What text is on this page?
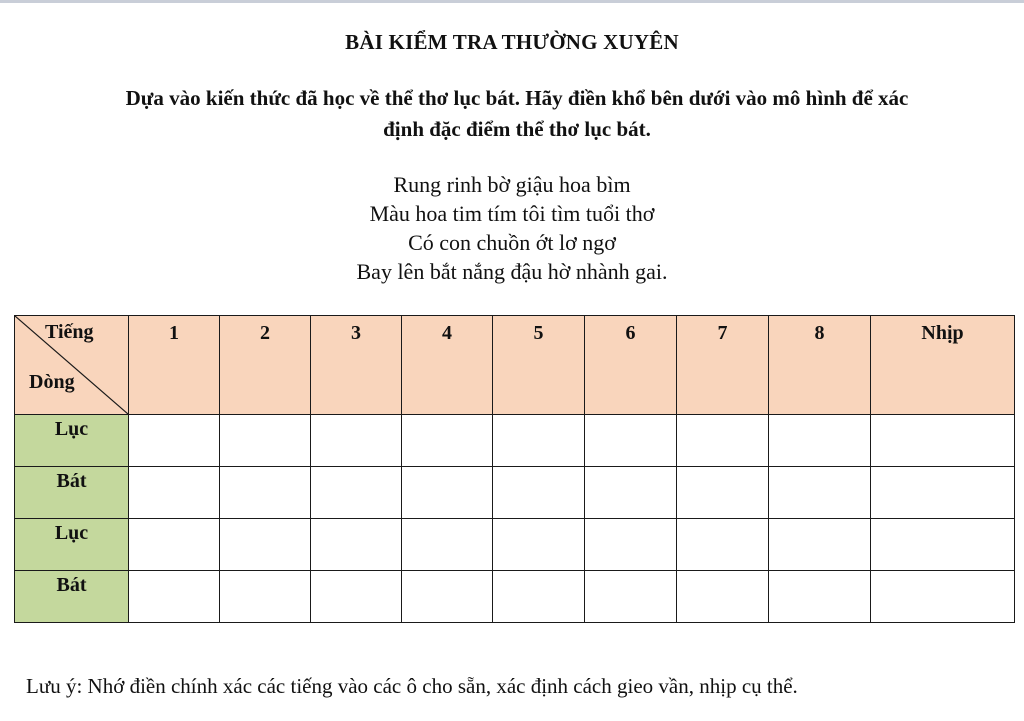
BÀI KIỂM TRA THƯỜNG XUYÊN
Dựa vào kiến thức đã học về thể thơ lục bát. Hãy điền khổ bên dưới vào mô hình để xác
định đặc điểm thể thơ lục bát.
Rung rinh bờ giậu hoa bìm
Màu hoa tim tím tôi tìm tuổi thơ
Có con chuồn ớt lơ ngơ
Bay lên bắt nắng đậu hờ nhành gai.
Tiếng
Dòng	1	2	3	4	5	6	7	8	Nhịp
Lục									
Bát									
Lục									
Bát									
Lưu ý: Nhớ điền chính xác các tiếng vào các ô cho sẵn, xác định cách gieo vần, nhịp cụ thể.
